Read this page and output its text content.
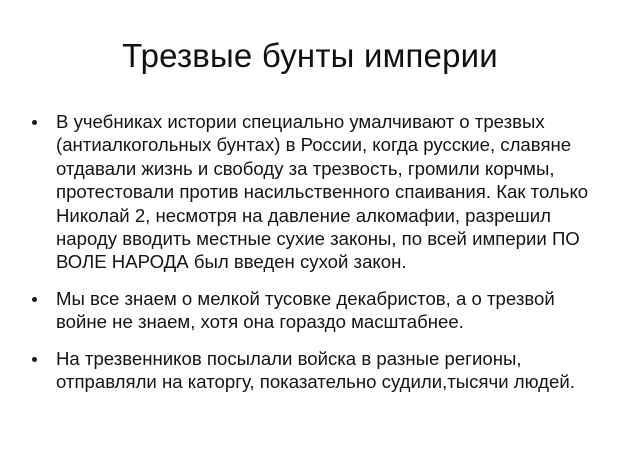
Трезвые бунты империи
В учебниках истории специально умалчивают о трезвых (антиалкогольных бунтах) в России, когда русские, славяне отдавали жизнь и свободу за трезвость, громили корчмы, протестовали против насильственного спаивания. Как только Николай 2, несмотря на давление алкомафии, разрешил народу вводить местные сухие законы, по всей империи ПО ВОЛЕ НАРОДА был введен сухой закон.
Мы все знаем о мелкой тусовке декабристов, а о трезвой войне не знаем, хотя она гораздо масштабнее.
На трезвенников посылали войска в разные регионы, отправляли на каторгу, показательно судили,тысячи людей.
